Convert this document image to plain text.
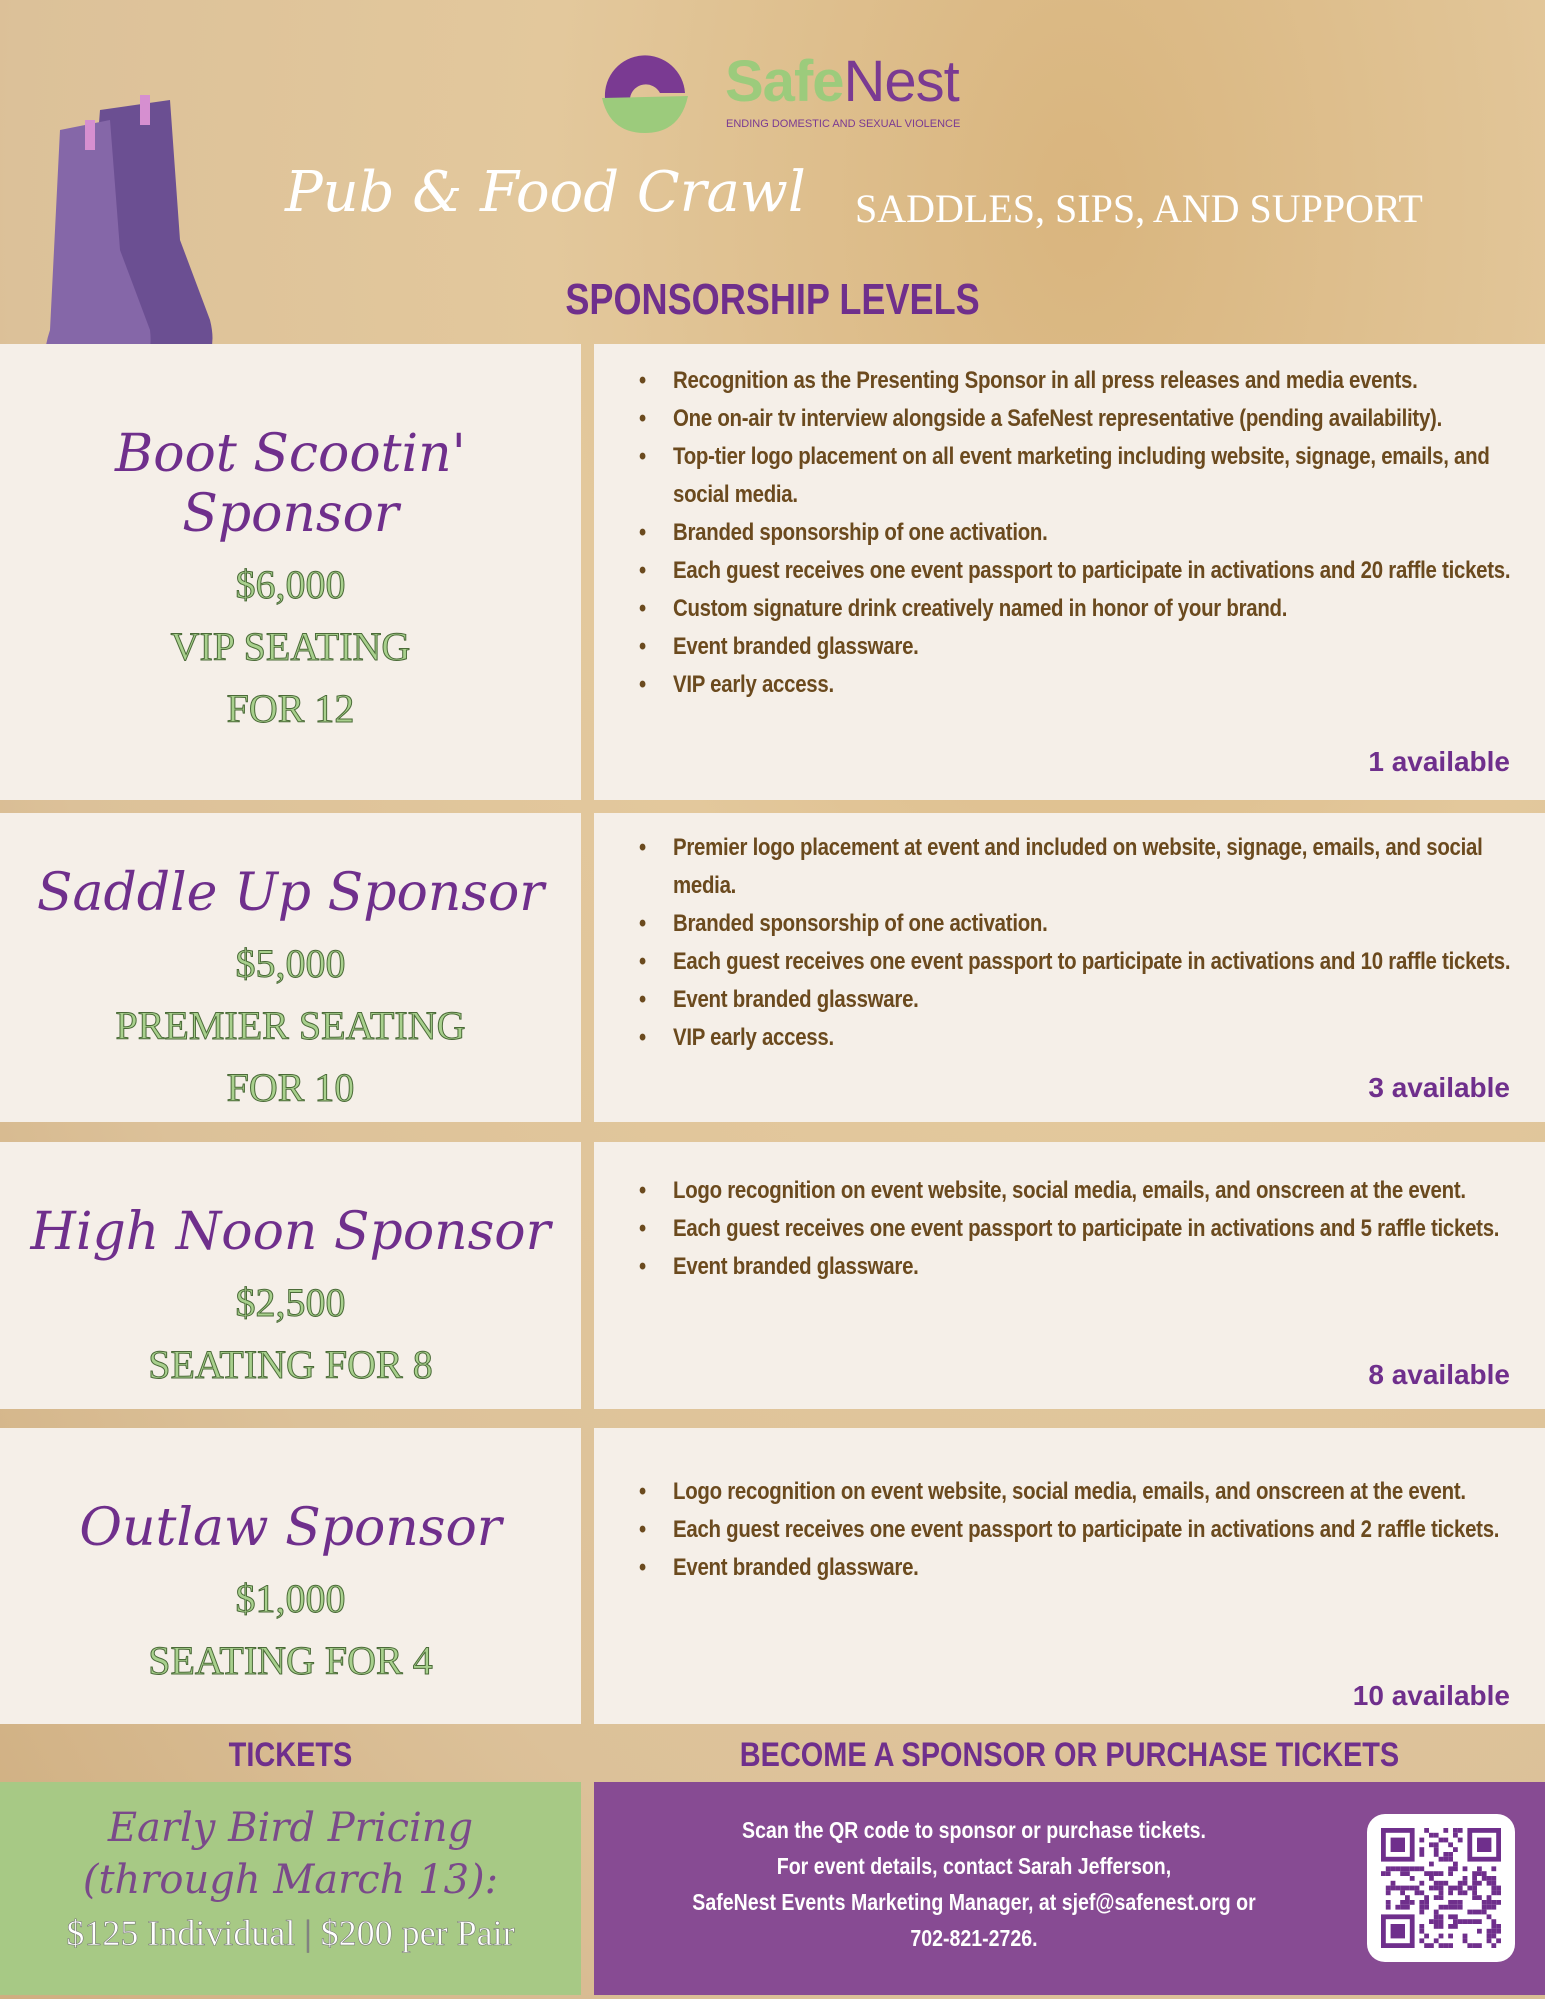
SafeNest
ENDING DOMESTIC AND SEXUAL VIOLENCE
Pub & Food Crawl SADDLES, SIPS, AND SUPPORT
SPONSORSHIP LEVELS
Boot Scootin' Sponsor
$6,000
VIP SEATING
FOR 12
• Recognition as the Presenting Sponsor in all press releases and media events.
• One on-air tv interview alongside a SafeNest representative (pending availability).
• Top-tier logo placement on all event marketing including website, signage, emails, and social media.
• Branded sponsorship of one activation.
• Each guest receives one event passport to participate in activations and 20 raffle tickets.
• Custom signature drink creatively named in honor of your brand.
• Event branded glassware.
• VIP early access.
1 available
Saddle Up Sponsor
$5,000
PREMIER SEATING
FOR 10
• Premier logo placement at event and included on website, signage, emails, and social media.
• Branded sponsorship of one activation.
• Each guest receives one event passport to participate in activations and 10 raffle tickets.
• Event branded glassware.
• VIP early access.
3 available
High Noon Sponsor
$2,500
SEATING FOR 8
• Logo recognition on event website, social media, emails, and onscreen at the event.
• Each guest receives one event passport to participate in activations and 5 raffle tickets.
• Event branded glassware.
8 available
Outlaw Sponsor
$1,000
SEATING FOR 4
• Logo recognition on event website, social media, emails, and onscreen at the event.
• Each guest receives one event passport to participate in activations and 2 raffle tickets.
• Event branded glassware.
10 available
TICKETS	BECOME A SPONSOR OR PURCHASE TICKETS
Early Bird Pricing
(through March 13):
$125 Individual | $200 per Pair
Scan the QR code to sponsor or purchase tickets.
For event details, contact Sarah Jefferson,
SafeNest Events Marketing Manager, at sjef@safenest.org or
702-821-2726.
